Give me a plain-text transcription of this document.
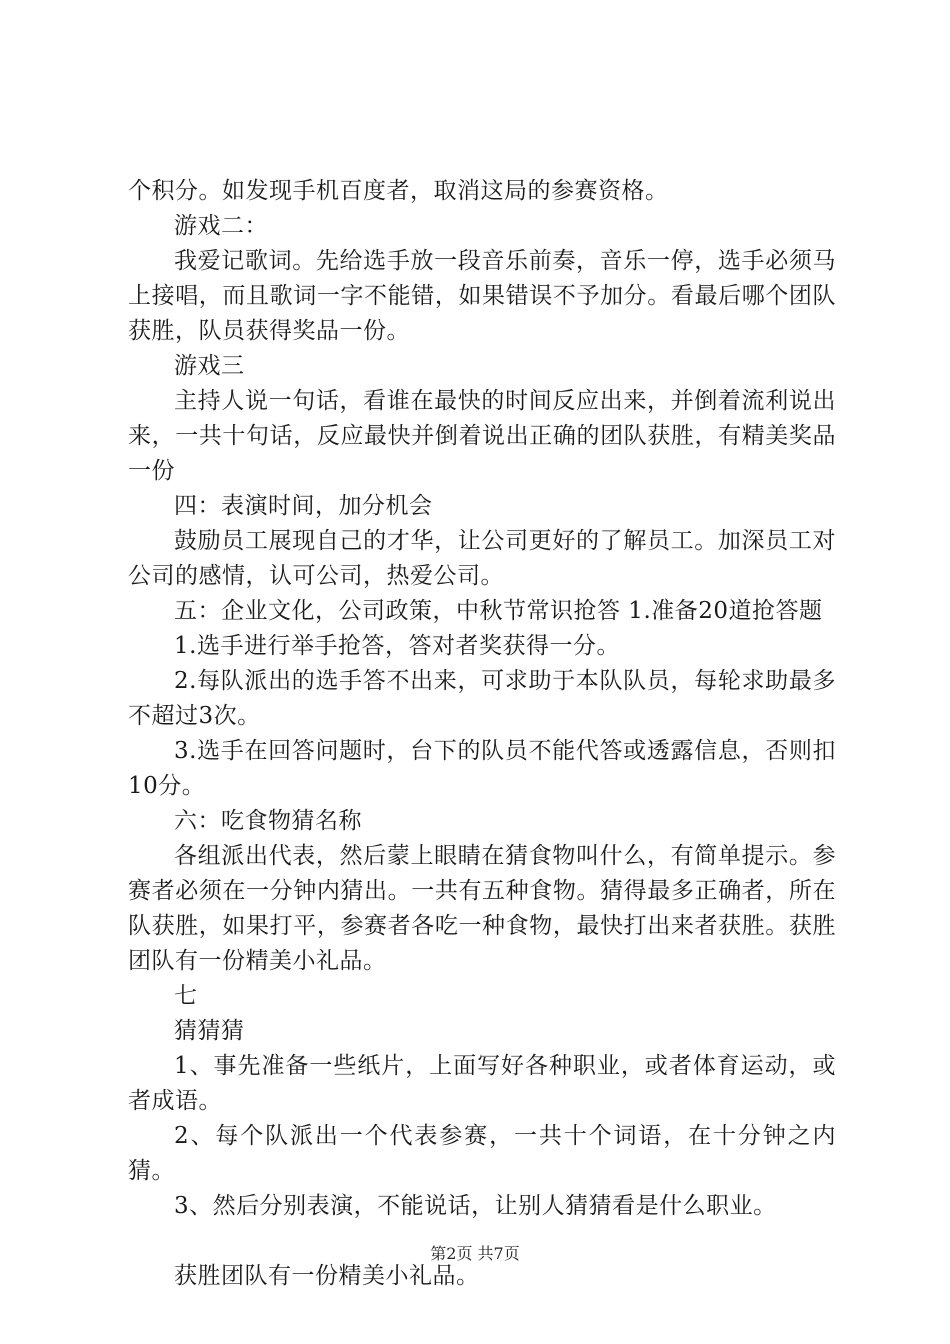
个积分。如发现手机百度者，取消这局的参赛资格。

游戏二：

我爱记歌词。先给选手放一段音乐前奏，音乐一停，选手必须马上接唱，而且歌词一字不能错，如果错误不予加分。看最后哪个团队获胜，队员获得奖品一份。

游戏三

主持人说一句话，看谁在最快的时间反应出来，并倒着流利说出来，一共十句话，反应最快并倒着说出正确的团队获胜，有精美奖品一份

四：表演时间，加分机会

鼓励员工展现自己的才华，让公司更好的了解员工。加深员工对公司的感情，认可公司，热爱公司。

五：企业文化，公司政策，中秋节常识抢答 1.准备20道抢答题

1.选手进行举手抢答，答对者奖获得一分。

2.每队派出的选手答不出来，可求助于本队队员，每轮求助最多不超过3次。

3.选手在回答问题时，台下的队员不能代答或透露信息，否则扣10分。

六：吃食物猜名称

各组派出代表，然后蒙上眼睛在猜食物叫什么，有简单提示。参赛者必须在一分钟内猜出。一共有五种食物。猜得最多正确者，所在队获胜，如果打平，参赛者各吃一种食物，最快打出来者获胜。获胜团队有一份精美小礼品。

七

猜猜猜

1、事先准备一些纸片，上面写好各种职业，或者体育运动，或者成语。

2、每个队派出一个代表参赛，一共十个词语，在十分钟之内猜。

3、然后分别表演，不能说话，让别人猜猜看是什么职业。

获胜团队有一份精美小礼品。

第2页 共7页
